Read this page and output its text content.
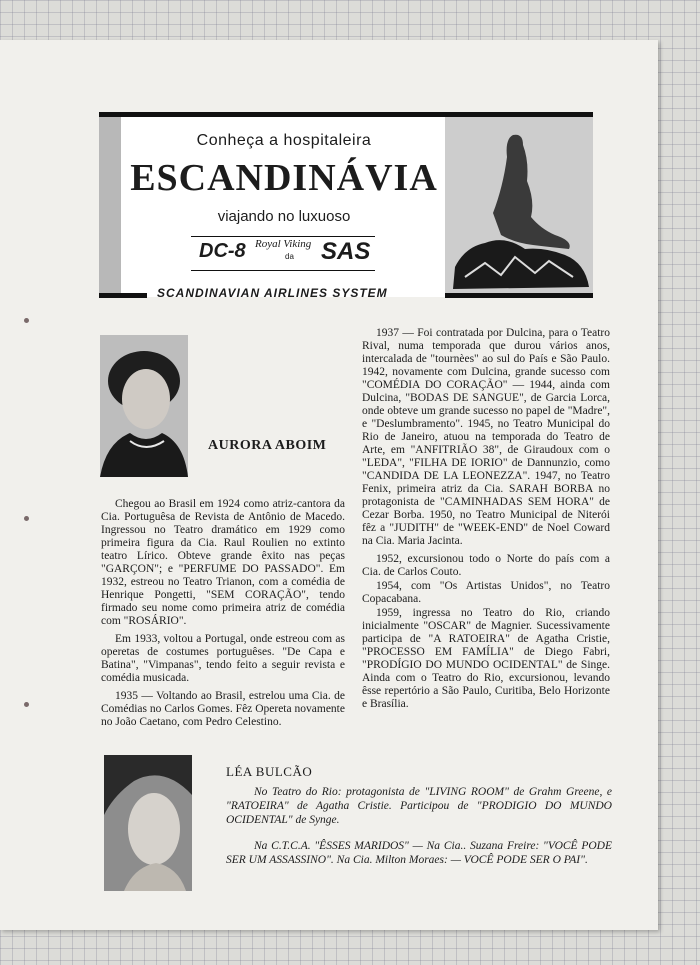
Conheça a hospitaleira
ESCANDINÁVIA
viajando no luxuoso
DC-8 Royal Viking
da SAS
SCANDINAVIAN AIRLINES SYSTEM
AURORA ABOIM

Chegou ao Brasil em 1924 como atriz-cantora da Cia. Portuguêsa de Revista de Antônio de Macedo. Ingressou no Teatro dramático em 1929 como primeira figura da Cia. Raul Roulien no extinto teatro Lírico. Obteve grande êxito nas peças "GARÇON"; e "PERFUME DO PASSADO". Em 1932, estreou no Teatro Trianon, com a comédia de Henrique Pongetti, "SEM CORAÇÃO", tendo firmado seu nome como primeira atriz de comédia com "ROSÁRIO".

Em 1933, voltou a Portugal, onde estreou com as operetas de costumes portuguêses. "De Capa e Batina", "Vimpanas", tendo feito a seguir revista e comédia musicada.

1935 — Voltando ao Brasil, estrelou uma Cia. de Comédias no Carlos Gomes. Fêz Opereta novamente no João Caetano, com Pedro Celestino.

1937 — Foi contratada por Dulcina, para o Teatro Rival, numa temporada que durou vários anos, intercalada de "tournèes" ao sul do País e São Paulo. 1942, novamente com Dulcina, grande sucesso com "COMÉDIA DO CORAÇÃO" — 1944, ainda com Dulcina, "BODAS DE SANGUE", de Garcia Lorca, onde obteve um grande sucesso no papel de "Madre", e "Deslumbramento". 1945, no Teatro Municipal do Rio de Janeiro, atuou na temporada do Teatro de Arte, em "ANFITRIÃO 38", de Giraudoux com o "LEDA", "FILHA DE IORIO" de Dannunzio, como "CANDIDA DE LA LEONEZZA". 1947, no Teatro Fenix, primeira atriz da Cia. SARAH BORBA no protagonista de "CAMINHADAS SEM HORA" de Cezar Borba. 1950, no Teatro Municipal de Niterói fêz a "JUDITH" de "WEEK-END" de Noel Coward na Cia. Maria Jacinta.

1952, excursionou todo o Norte do país com a Cia. de Carlos Couto.

1954, com "Os Artistas Unidos", no Teatro Copacabana.

1959, ingressa no Teatro do Rio, criando inicialmente "OSCAR" de Magnier. Sucessivamente participa de "A RATOEIRA" de Agatha Cristie, "PROCESSO EM FAMÍLIA" de Diego Fabri, "PRODÍGIO DO MUNDO OCIDENTAL" de Singe. Ainda com o Teatro do Rio, excursionou, levando êsse repertório a São Paulo, Curitiba, Belo Horizonte e Brasília.

LÉA BULCÃO

No Teatro do Rio: protagonista de "LIVING ROOM" de Grahm Greene, e "RATOEIRA" de Agatha Cristie. Participou de "PRODIGIO DO MUNDO OCIDENTAL" de Synge.

Na C.T.C.A. "ÊSSES MARIDOS" — Na Cia.. Suzana Freire: "VOCÊ PODE SER UM ASSASSINO". Na Cia. Milton Moraes: — VOCÊ PODE SER O PAI".
